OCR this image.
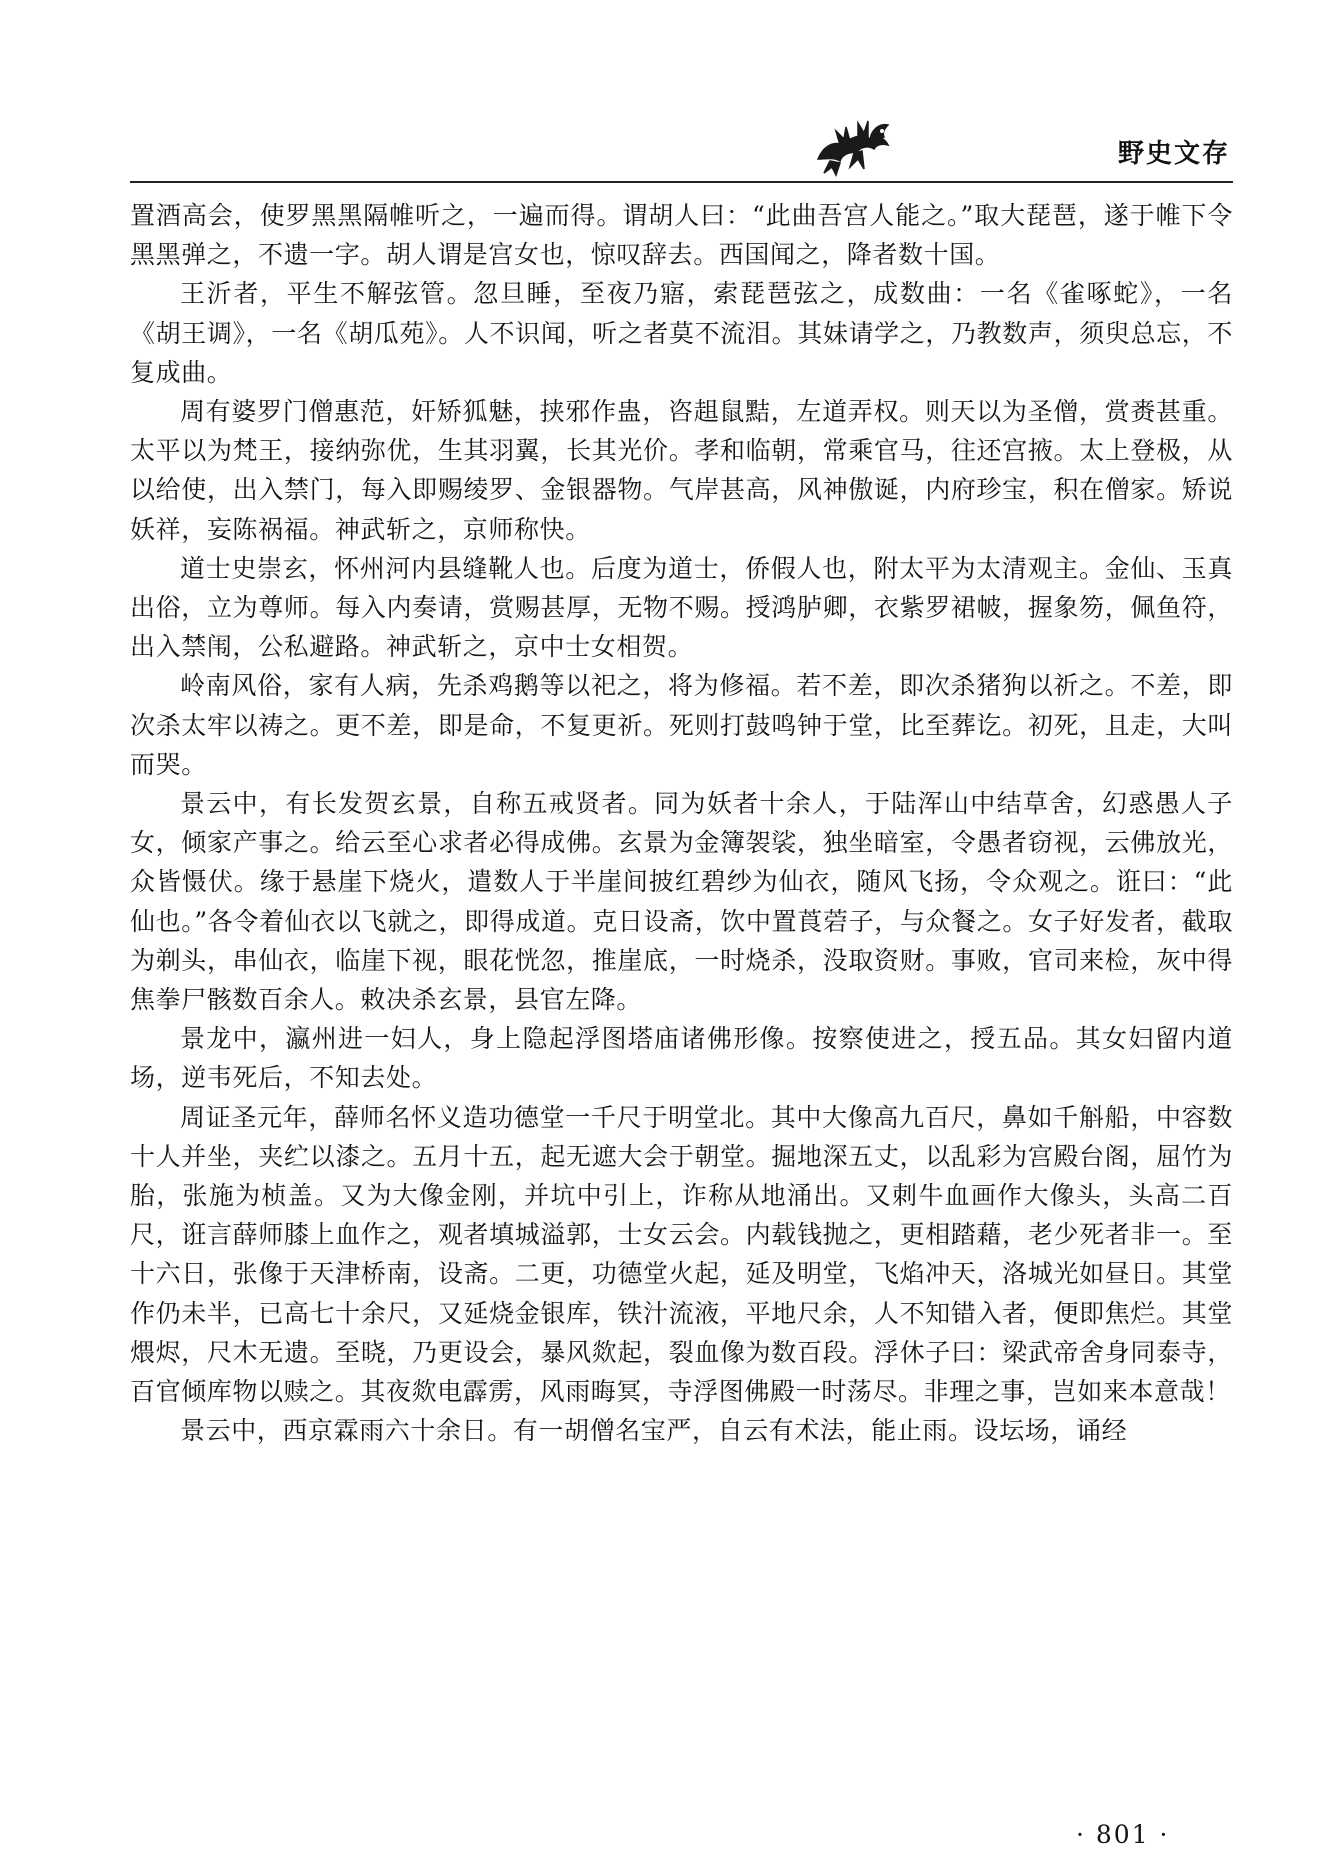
野史文存

置酒高会，使罗黑黑隔帷听之，一遍而得。谓胡人曰：“此曲吾宫人能之。”取大琵琶，遂于帷下令黑黑弹之，不遗一字。胡人谓是宫女也，惊叹辞去。西国闻之，降者数十国。

王沂者，平生不解弦管。忽旦睡，至夜乃寤，索琵琶弦之，成数曲：一名《雀啄蛇》，一名《胡王调》，一名《胡瓜苑》。人不识闻，听之者莫不流泪。其妹请学之，乃教数声，须臾总忘，不复成曲。

周有婆罗门僧惠范，奸矫狐魅，挟邪作蛊，咨趄鼠黠，左道弄权。则天以为圣僧，赏赉甚重。太平以为梵王，接纳弥优，生其羽翼，长其光价。孝和临朝，常乘官马，往还宫掖。太上登极，从以给使，出入禁门，每入即赐绫罗、金银器物。气岸甚高，风神傲诞，内府珍宝，积在僧家。矫说妖祥，妄陈祸福。神武斩之，京师称快。

道士史崇玄，怀州河内县缝靴人也。后度为道士，侨假人也，附太平为太清观主。金仙、玉真出俗，立为尊师。每入内奏请，赏赐甚厚，无物不赐。授鸿胪卿，衣紫罗裙帔，握象笏，佩鱼符，出入禁闱，公私避路。神武斩之，京中士女相贺。

岭南风俗，家有人病，先杀鸡鹅等以祀之，将为修福。若不差，即次杀猪狗以祈之。不差，即次杀太牢以祷之。更不差，即是命，不复更祈。死则打鼓鸣钟于堂，比至葬讫。初死，且走，大叫而哭。

景云中，有长发贺玄景，自称五戒贤者。同为妖者十余人，于陆浑山中结草舍，幻惑愚人子女，倾家产事之。给云至心求者必得成佛。玄景为金簿袈裟，独坐暗室，令愚者窃视，云佛放光，众皆慑伏。缘于悬崖下烧火，遣数人于半崖间披红碧纱为仙衣，随风飞扬，令众观之。诳曰：“此仙也。”各令着仙衣以飞就之，即得成道。克日设斋，饮中置莨菪子，与众餐之。女子好发者，截取为剃头，串仙衣，临崖下视，眼花恍忽，推崖底，一时烧杀，没取资财。事败，官司来检，灰中得焦拳尸骸数百余人。敕决杀玄景，县官左降。

景龙中，瀛州进一妇人，身上隐起浮图塔庙诸佛形像。按察使进之，授五品。其女妇留内道场，逆韦死后，不知去处。

周证圣元年，薛师名怀义造功德堂一千尺于明堂北。其中大像高九百尺，鼻如千斛船，中容数十人并坐，夹纻以漆之。五月十五，起无遮大会于朝堂。掘地深五丈，以乱彩为宫殿台阁，屈竹为胎，张施为桢盖。又为大像金刚，并坑中引上，诈称从地涌出。又刺牛血画作大像头，头高二百尺，诳言薛师膝上血作之，观者填城溢郭，士女云会。内载钱抛之，更相踏藉，老少死者非一。至十六日，张像于天津桥南，设斋。二更，功德堂火起，延及明堂，飞焰冲天，洛城光如昼日。其堂作仍未半，已高七十余尺，又延烧金银库，铁汁流液，平地尺余，人不知错入者，便即焦烂。其堂煨烬，尺木无遗。至晓，乃更设会，暴风欻起，裂血像为数百段。浮休子曰：梁武帝舍身同泰寺，百官倾库物以赎之。其夜欻电霹雳，风雨晦冥，寺浮图佛殿一时荡尽。非理之事，岂如来本意哉！

景云中，西京霖雨六十余日。有一胡僧名宝严，自云有术法，能止雨。设坛场，诵经

· 801 ·
